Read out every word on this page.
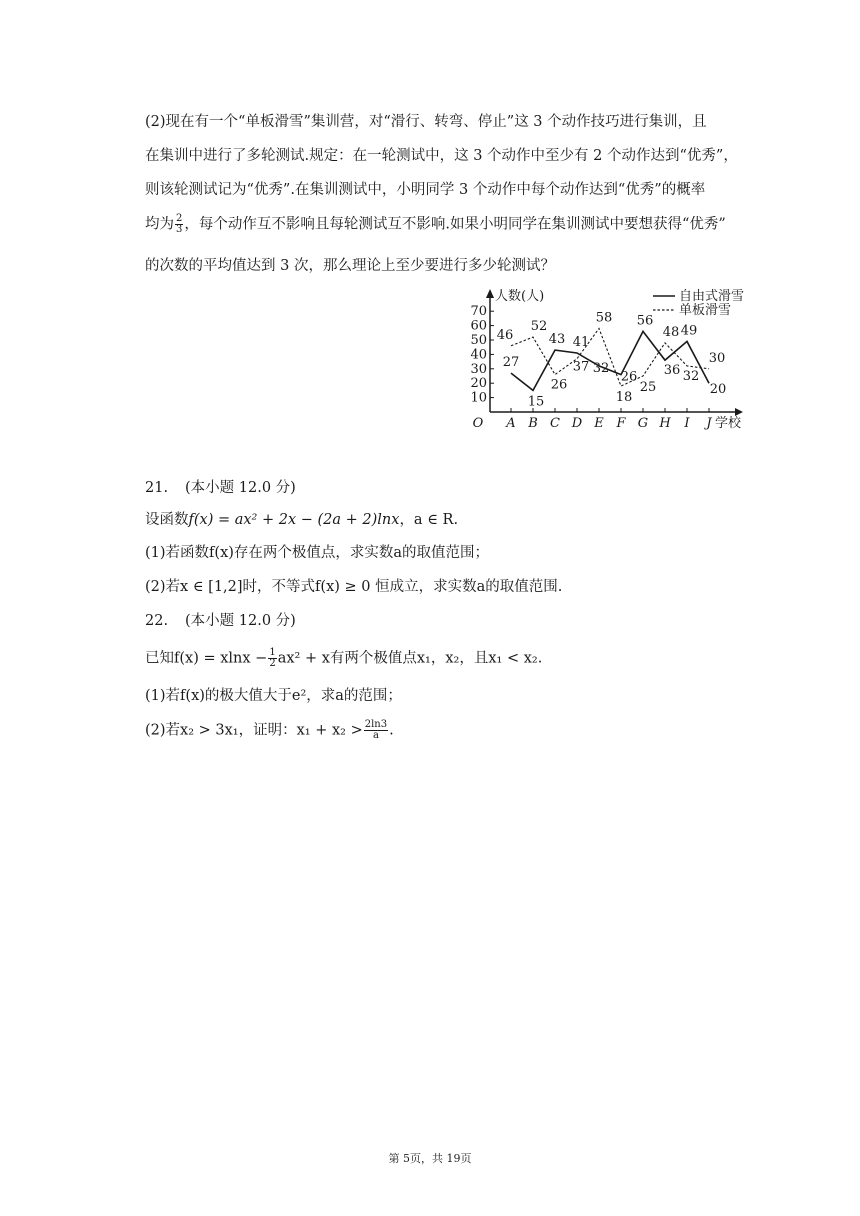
(2)现在有一个“单板滑雪”集训营，对“滑行、转弯、停止”这 3 个动作技巧进行集训，且
在集训中进行了多轮测试.规定：在一轮测试中，这 3 个动作中至少有 2 个动作达到“优秀”，
则该轮测试记为“优秀”.在集训测试中，小明同学 3 个动作中每个动作达到“优秀”的概率
均为 $\frac{2}{3}$ ，每个动作互不影响且每轮测试互不影响.如果小明同学在集训测试中要想获得“优秀”
的次数的平均值达到 3 次，那么理论上至少要进行多少轮测试？
10
20
30
40
50
60
70
A B C D E F G H I J
O	学校
人数(人)
27
15
43 41
32
26
56
36
49
20
46
52
26
37
58
18
25
48
32
30
自由式滑雪
单板滑雪
21. (本小题 12.0 分)
设函数f(x) = ax² + 2x − (2a + 2)lnx，a ∈ R.
(1)若函数f(x)存在两个极值点，求实数a的取值范围；
(2)若x ∈ [1,2]时，不等式f(x) ≥ 0 恒成立，求实数a的取值范围.
22. (本小题 12.0 分)
已知$f(x) = xlnx - \frac{1}{2} ax^2 + x$有两个极值点x₁，x₂，且x₁ < x₂.
(1)若f(x)的极大值大于e²，求a的范围；
(2)若x₂ > 3x₁，证明：$x_1 + x_2 > \frac{2\ln 3}{a}$ .
第 5页，共 19页
